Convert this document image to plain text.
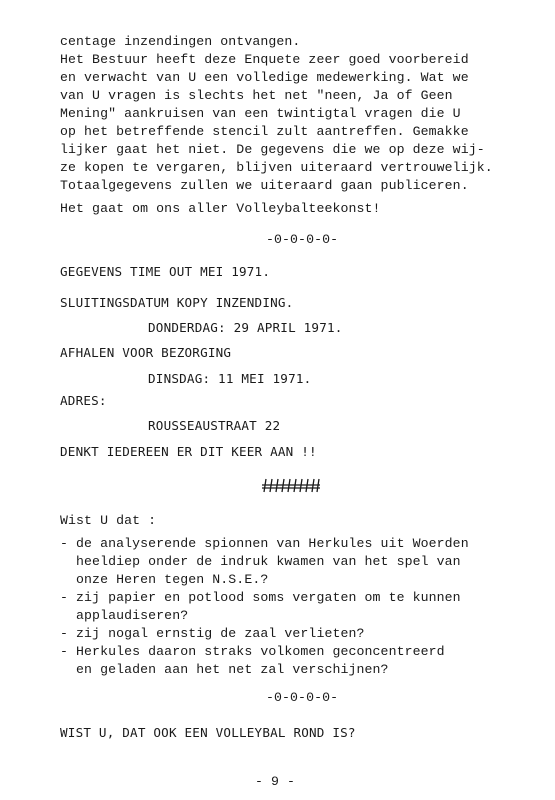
centage inzendingen ontvangen.
Het Bestuur heeft deze Enquete zeer goed voorbereid
en verwacht van U een volledige medewerking. Wat we
van U vragen is slechts het net "neen, Ja of Geen
Mening" aankruisen van een twintigtal vragen die U
op het betreffende stencil zult aantreffen. Gemakke
lijker gaat het niet. De gegevens die we op deze wij-
ze kopen te vergaren, blijven uiteraard vertrouwelijk.
Totaalgegevens zullen we uiteraard gaan publiceren.
Het gaat om ons aller Volleybalteekonst!
-0-0-0-0-
GEGEVENS TIME OUT MEI 1971.
SLUITINGSDATUM KOPY INZENDING.
DONDERDAG: 29 APRIL 1971.
AFHALEN VOOR BEZORGING
DINSDAG: 11 MEI 1971.
ADRES:
ROUSSEAUSTRAAT 22
DENKT IEDEREEN ER DIT KEER AAN !!
Wist U dat :
- de analyserende spionnen van Herkules uit Woerden
heeldiep onder de indruk kwamen van het spel van
onze Heren tegen N.S.E.?
- zij papier en potlood soms vergaten om te kunnen
applaudiseren?
- zij nogal ernstig de zaal verlieten?
- Herkules daaron straks volkomen geconcentreerd
en geladen aan het net zal verschijnen?
-0-0-0-0-
WIST U, DAT OOK EEN VOLLEYBAL ROND IS?
- 9 -
